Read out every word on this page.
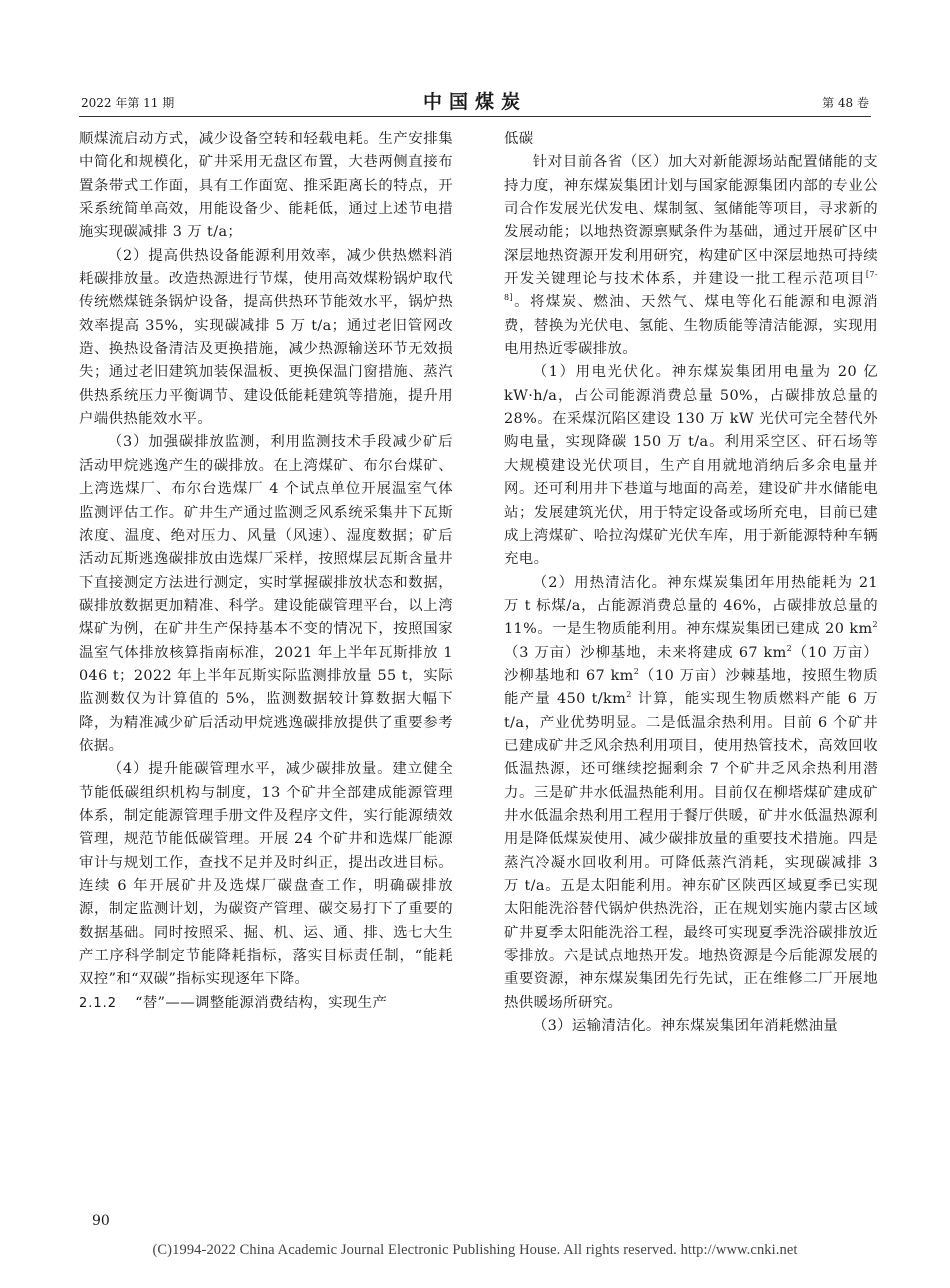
2022 年第 11 期	中国煤炭	第 48 卷

顺煤流启动方式，减少设备空转和轻载电耗。生产安排集中简化和规模化，矿井采用无盘区布置，大巷两侧直接布置条带式工作面，具有工作面宽、推采距离长的特点，开采系统简单高效，用能设备少、能耗低，通过上述节电措施实现碳减排 3 万 t/a；

（2）提高供热设备能源利用效率，减少供热燃料消耗碳排放量。改造热源进行节煤，使用高效煤粉锅炉取代传统燃煤链条锅炉设备，提高供热环节能效水平，锅炉热效率提高 35%，实现碳减排 5 万 t/a；通过老旧管网改造、换热设备清洁及更换措施，减少热源输送环节无效损失；通过老旧建筑加装保温板、更换保温门窗措施、蒸汽供热系统压力平衡调节、建设低能耗建筑等措施，提升用户端供热能效水平。

（3）加强碳排放监测，利用监测技术手段减少矿后活动甲烷逃逸产生的碳排放。在上湾煤矿、布尔台煤矿、上湾选煤厂、布尔台选煤厂 4 个试点单位开展温室气体监测评估工作。矿井生产通过监测乏风系统采集井下瓦斯浓度、温度、绝对压力、风量（风速）、湿度数据；矿后活动瓦斯逃逸碳排放由选煤厂采样，按照煤层瓦斯含量井下直接测定方法进行测定，实时掌握碳排放状态和数据，碳排放数据更加精准、科学。建设能碳管理平台，以上湾煤矿为例，在矿井生产保持基本不变的情况下，按照国家温室气体排放核算指南标准，2021 年上半年瓦斯排放 1 046 t；2022 年上半年瓦斯实际监测排放量 55 t，实际监测数仅为计算值的 5%，监测数据较计算数据大幅下降，为精准减少矿后活动甲烷逃逸碳排放提供了重要参考依据。

（4）提升能碳管理水平，减少碳排放量。建立健全节能低碳组织机构与制度，13 个矿井全部建成能源管理体系，制定能源管理手册文件及程序文件，实行能源绩效管理，规范节能低碳管理。开展 24 个矿井和选煤厂能源审计与规划工作，查找不足并及时纠正，提出改进目标。连续 6 年开展矿井及选煤厂碳盘查工作，明确碳排放源，制定监测计划，为碳资产管理、碳交易打下了重要的数据基础。同时按照采、掘、机、运、通、排、选七大生产工序科学制定节能降耗指标，落实目标责任制，“能耗双控”和“双碳”指标实现逐年下降。

2.1.2 “替”——调整能源消费结构，实现生产

低碳

针对目前各省（区）加大对新能源场站配置储能的支持力度，神东煤炭集团计划与国家能源集团内部的专业公司合作发展光伏发电、煤制氢、氢储能等项目，寻求新的发展动能；以地热资源禀赋条件为基础，通过开展矿区中深层地热资源开发利用研究，构建矿区中深层地热可持续开发关键理论与技术体系，并建设一批工程示范项目[7-8]。将煤炭、燃油、天然气、煤电等化石能源和电源消费，替换为光伏电、氢能、生物质能等清洁能源，实现用电用热近零碳排放。

（1）用电光伏化。神东煤炭集团用电量为 20 亿 kW·h/a，占公司能源消费总量 50%，占碳排放总量的 28%。在采煤沉陷区建设 130 万 kW 光伏可完全替代外购电量，实现降碳 150 万 t/a。利用采空区、矸石场等大规模建设光伏项目，生产自用就地消纳后多余电量并网。还可利用井下巷道与地面的高差，建设矿井水储能电站；发展建筑光伏，用于特定设备或场所充电，目前已建成上湾煤矿、哈拉沟煤矿光伏车库，用于新能源特种车辆充电。

（2）用热清洁化。神东煤炭集团年用热能耗为 21 万 t 标煤/a，占能源消费总量的 46%，占碳排放总量的 11%。一是生物质能利用。神东煤炭集团已建成 20 $km^2(3$ 万亩）沙柳基地，未来将建成 67 $km^2(10$ 万亩）沙柳基地和 67 $km^2(10$ 万亩）沙棘基地，按照生物质能产量 450 $t/km^2$ 计算，能实现生物质燃料产能 6 万 t/a，产业优势明显。二是低温余热利用。目前 6 个矿井已建成矿井乏风余热利用项目，使用热管技术，高效回收低温热源，还可继续挖掘剩余 7 个矿井乏风余热利用潜力。三是矿井水低温热能利用。目前仅在柳塔煤矿建成矿井水低温余热利用工程用于餐厅供暖，矿井水低温热源利用是降低煤炭使用、减少碳排放量的重要技术措施。四是蒸汽冷凝水回收利用。可降低蒸汽消耗，实现碳减排 3 万 t/a。五是太阳能利用。神东矿区陕西区域夏季已实现太阳能洗浴替代锅炉供热洗浴，正在规划实施内蒙古区域矿井夏季太阳能洗浴工程，最终可实现夏季洗浴碳排放近零排放。六是试点地热开发。地热资源是今后能源发展的重要资源，神东煤炭集团先行先试，正在维修二厂开展地热供暖场所研究。

（3）运输清洁化。神东煤炭集团年消耗燃油量

90
(C)1994-2022 China Academic Journal Electronic Publishing House. All rights reserved. http://www.cnki.net
